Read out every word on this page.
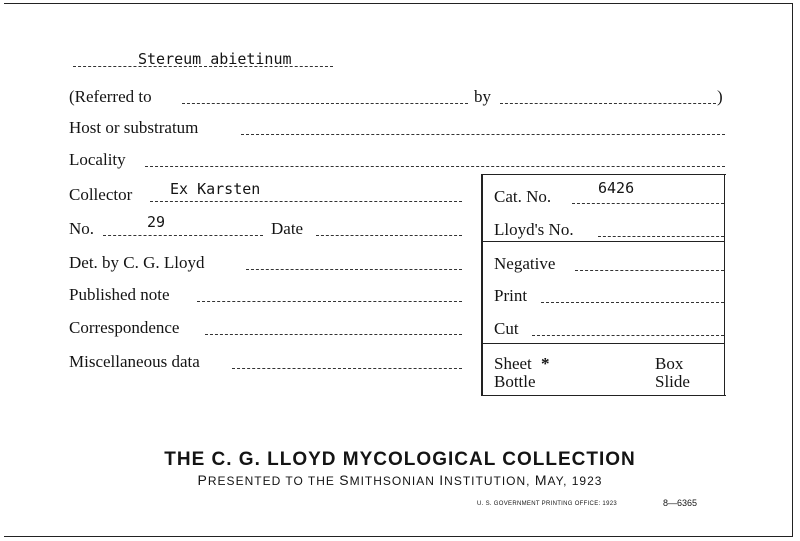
Stereum abietinum
(Referred to	by	)
Host or substratum
Locality
Collector	Ex Karsten
No.	29	Date
Det. by C. G. Lloyd
Published note
Correspondence
Miscellaneous data
Cat. No.	6426
Lloyd's No.
Negative
Print
Cut
Sheet *
Bottle
Box
Slide
THE C. G. LLOYD MYCOLOGICAL COLLECTION
PRESENTED TO THE SMITHSONIAN INSTITUTION, MAY, 1923
U. S. GOVERNMENT PRINTING OFFICE: 1923	8—6365
